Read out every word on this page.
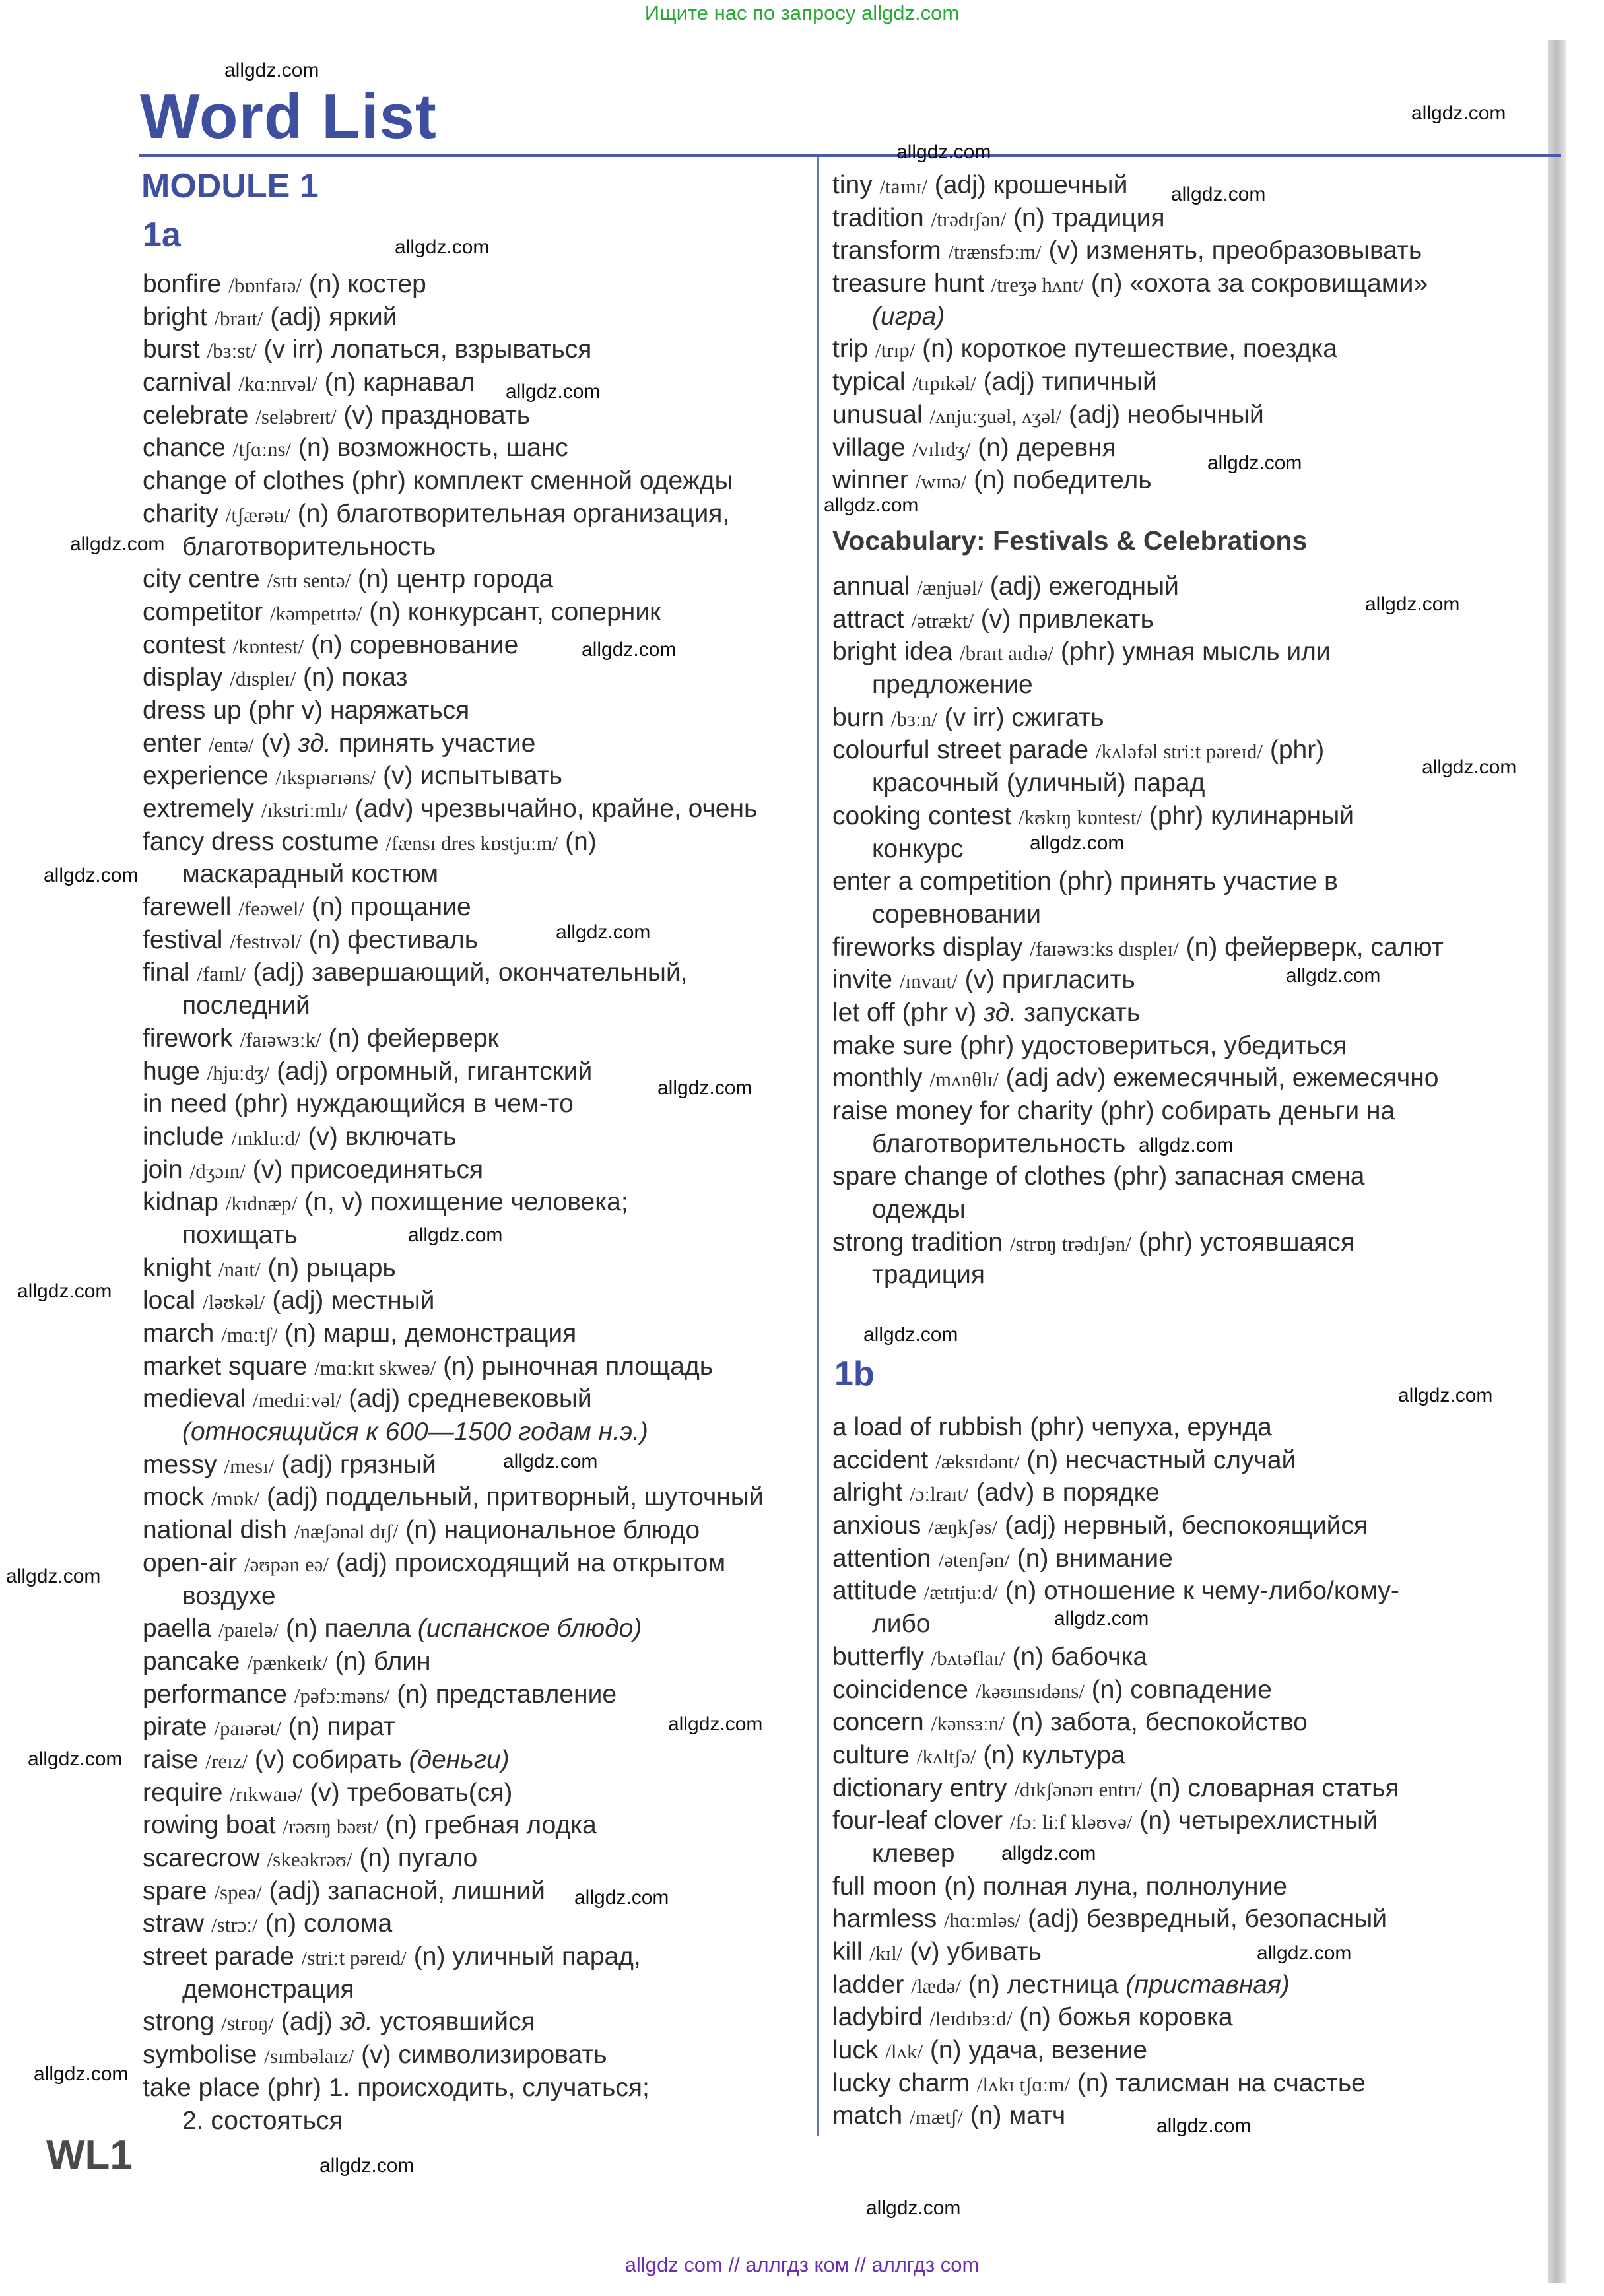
Ищите нас по запросу allgdz.com
Word List
MODULE 1
1a
bonfire /bɒnfaɪə/ (n) костер
bright /braɪt/ (adj) яркий
burst /bɜːst/ (v irr) лопаться, взрываться
carnival /kɑːnɪvəl/ (n) карнавал
celebrate /seləbreɪt/ (v) праздновать
chance /tʃɑːns/ (n) возможность, шанс
change of clothes (phr) комплект сменной одежды
charity /tʃærətɪ/ (n) благотворительная организация,
благотворительность
city centre /sɪtɪ sentə/ (n) центр города
competitor /kəmpetɪtə/ (n) конкурсант, соперник
contest /kɒntest/ (n) соревнование
display /dɪspleɪ/ (n) показ
dress up (phr v) наряжаться
enter /entə/ (v) зд. принять участие
experience /ɪkspɪərɪəns/ (v) испытывать
extremely /ɪkstriːmlɪ/ (adv) чрезвычайно, крайне, очень
fancy dress costume /fænsɪ dres kɒstjuːm/ (n)
маскарадный костюм
farewell /feəwel/ (n) прощание
festival /festɪvəl/ (n) фестиваль
final /faɪnl/ (adj) завершающий, окончательный,
последний
firework /faɪəwɜːk/ (n) фейерверк
huge /hjuːdʒ/ (adj) огромный, гигантский
in need (phr) нуждающийся в чем-то
include /ɪnkluːd/ (v) включать
join /dʒɔɪn/ (v) присоединяться
kidnap /kɪdnæp/ (n, v) похищение человека;
похищать
knight /naɪt/ (n) рыцарь
local /ləʊkəl/ (adj) местный
march /mɑːtʃ/ (n) марш, демонстрация
market square /mɑːkɪt skweə/ (n) рыночная площадь
medieval /medɪiːvəl/ (adj) средневековый
(относящийся к 600—1500 годам н.э.)
messy /mesɪ/ (adj) грязный
mock /mɒk/ (adj) поддельный, притворный, шуточный
national dish /næʃənəl dɪʃ/ (n) национальное блюдо
open-air /əʊpən eə/ (adj) происходящий на открытом
воздухе
paella /paɪelə/ (n) паелла (испанское блюдо)
pancake /pænkeɪk/ (n) блин
performance /pəfɔːməns/ (n) представление
pirate /paɪərət/ (n) пират
raise /reɪz/ (v) собирать (деньги)
require /rɪkwaɪə/ (v) требовать(ся)
rowing boat /rəʊɪŋ bəʊt/ (n) гребная лодка
scarecrow /skeəkrəʊ/ (n) пугало
spare /speə/ (adj) запасной, лишний
straw /strɔː/ (n) солома
street parade /striːt pəreɪd/ (n) уличный парад,
демонстрация
strong /strɒŋ/ (adj) зд. устоявшийся
symbolise /sɪmbəlaɪz/ (v) символизировать
take place (phr) 1. происходить, случаться;
2. состояться
tiny /taɪnɪ/ (adj) крошечный
tradition /trədɪʃən/ (n) традиция
transform /trænsfɔːm/ (v) изменять, преобразовывать
treasure hunt /treʒə hʌnt/ (n) «охота за сокровищами»
(игра)
trip /trɪp/ (n) короткое путешествие, поездка
typical /tɪpɪkəl/ (adj) типичный
unusual /ʌnjuːʒuəl, ʌʒəl/ (adj) необычный
village /vɪlɪdʒ/ (n) деревня
winner /wɪnə/ (n) победитель
Vocabulary: Festivals & Celebrations
annual /ænjuəl/ (adj) ежегодный
attract /ətrækt/ (v) привлекать
bright idea /braɪt aɪdɪə/ (phr) умная мысль или
предложение
burn /bɜːn/ (v irr) сжигать
colourful street parade /kʌləfəl striːt pəreɪd/ (phr)
красочный (уличный) парад
cooking contest /kʊkɪŋ kɒntest/ (phr) кулинарный
конкурс
enter a competition (phr) принять участие в
соревновании
fireworks display /faɪəwɜːks dɪspleɪ/ (n) фейерверк, салют
invite /ɪnvaɪt/ (v) пригласить
let off (phr v) зд. запускать
make sure (phr) удостовериться, убедиться
monthly /mʌnθlɪ/ (adj adv) ежемесячный, ежемесячно
raise money for charity (phr) собирать деньги на
благотворительность
spare change of clothes (phr) запасная смена
одежды
strong tradition /strɒŋ trədɪʃən/ (phr) устоявшаяся
традиция
1b
a load of rubbish (phr) чепуха, ерунда
accident /æksɪdənt/ (n) несчастный случай
alright /ɔːlraɪt/ (adv) в порядке
anxious /æŋkʃəs/ (adj) нервный, беспокоящийся
attention /ətenʃən/ (n) внимание
attitude /ætɪtjuːd/ (n) отношение к чему-либо/кому-
либо
butterfly /bʌtəflaɪ/ (n) бабочка
coincidence /kəʊɪnsɪdəns/ (n) совпадение
concern /kənsɜːn/ (n) забота, беспокойство
culture /kʌltʃə/ (n) культура
dictionary entry /dɪkʃənərɪ entrɪ/ (n) словарная статья
four-leaf clover /fɔː liːf kləʊvə/ (n) четырехлистный
клевер
full moon (n) полная луна, полнолуние
harmless /hɑːmləs/ (adj) безвредный, безопасный
kill /kɪl/ (v) убивать
ladder /lædə/ (n) лестница (приставная)
ladybird /leɪdɪbɜːd/ (n) божья коровка
luck /lʌk/ (n) удача, везение
lucky charm /lʌkɪ tʃɑːm/ (n) талисман на счастье
match /mætʃ/ (n) матч
WL1
allgdz.com
allgdz.com
allgdz.com
allgdz.com
allgdz.com
allgdz.com
allgdz.com
allgdz.com
allgdz.com
allgdz.com
allgdz.com
allgdz.com
allgdz.com
allgdz.com
allgdz.com
allgdz.com
allgdz.com
allgdz.com
allgdz.com
allgdz.com
allgdz.com
allgdz.com
allgdz.com
allgdz.com
allgdz.com
allgdz.com
allgdz.com
allgdz.com
allgdz.com
allgdz.com
allgdz.com
allgdz.com
allgdz.com
allgdz.com
allgdz com // аллгдз ком // аллгдз com
